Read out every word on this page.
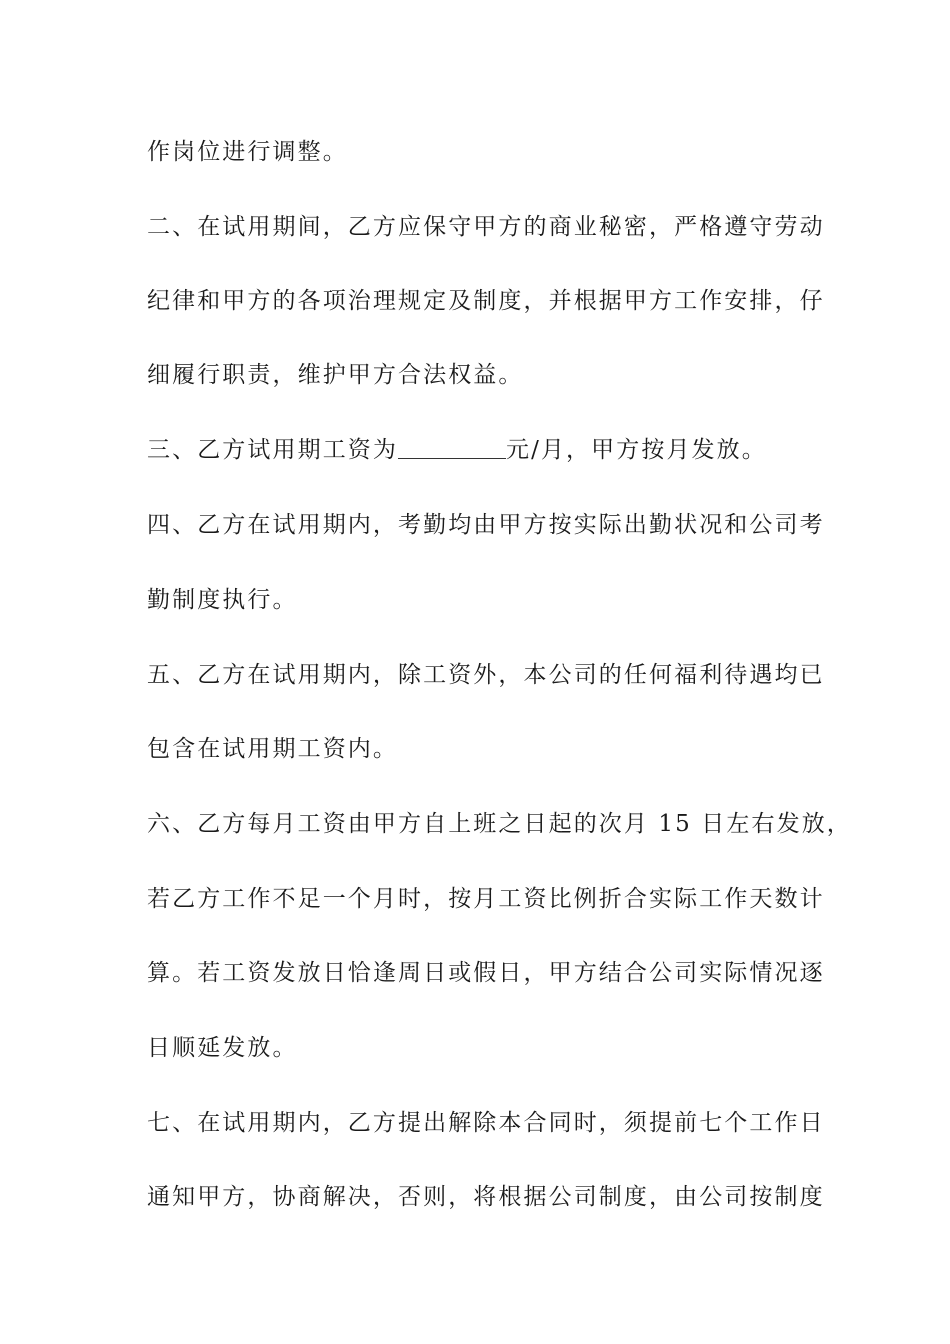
作岗位进行调整。
二、在试用期间，乙方应保守甲方的商业秘密，严格遵守劳动
纪律和甲方的各项治理规定及制度，并根据甲方工作安排，仔
细履行职责，维护甲方合法权益。
三、乙方试用期工资为	元/月，甲方按月发放。
四、乙方在试用期内，考勤均由甲方按实际出勤状况和公司考
勤制度执行。
五、乙方在试用期内，除工资外，本公司的任何福利待遇均已
包含在试用期工资内。
六、乙方每月工资由甲方自上班之日起的次月 15 日左右发放，
若乙方工作不足一个月时，按月工资比例折合实际工作天数计
算。若工资发放日恰逢周日或假日，甲方结合公司实际情况逐
日顺延发放。
七、在试用期内，乙方提出解除本合同时，须提前七个工作日
通知甲方，协商解决，否则，将根据公司制度，由公司按制度
